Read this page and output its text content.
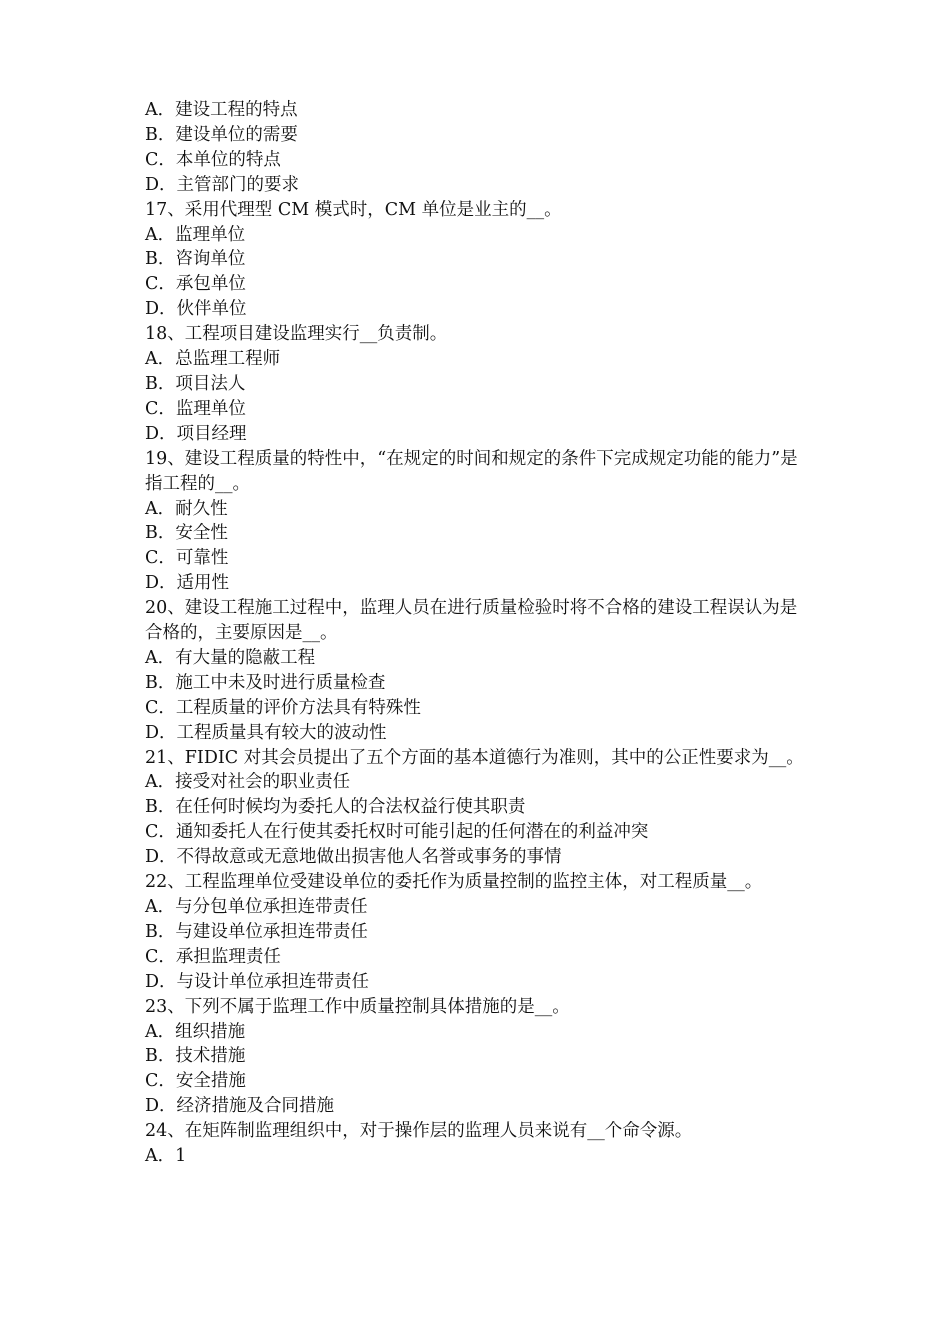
A．建设工程的特点

B．建设单位的需要

C．本单位的特点

D．主管部门的要求

17、采用代理型 CM 模式时，CM 单位是业主的__。

A．监理单位

B．咨询单位

C．承包单位

D．伙伴单位

18、工程项目建设监理实行__负责制。

A．总监理工程师

B．项目法人

C．监理单位

D．项目经理

19、建设工程质量的特性中，“在规定的时间和规定的条件下完成规定功能的能力”是指工程的__。

A．耐久性

B．安全性

C．可靠性

D．适用性

20、建设工程施工过程中，监理人员在进行质量检验时将不合格的建设工程误认为是合格的，主要原因是__。

A．有大量的隐蔽工程

B．施工中未及时进行质量检查

C．工程质量的评价方法具有特殊性

D．工程质量具有较大的波动性

21、FIDIC 对其会员提出了五个方面的基本道德行为准则，其中的公正性要求为__。

A．接受对社会的职业责任

B．在任何时候均为委托人的合法权益行使其职责

C．通知委托人在行使其委托权时可能引起的任何潜在的利益冲突

D．不得故意或无意地做出损害他人名誉或事务的事情

22、工程监理单位受建设单位的委托作为质量控制的监控主体，对工程质量__。

A．与分包单位承担连带责任

B．与建设单位承担连带责任

C．承担监理责任

D．与设计单位承担连带责任

23、下列不属于监理工作中质量控制具体措施的是__。

A．组织措施

B．技术措施

C．安全措施

D．经济措施及合同措施

24、在矩阵制监理组织中，对于操作层的监理人员来说有__个命令源。

A．1
